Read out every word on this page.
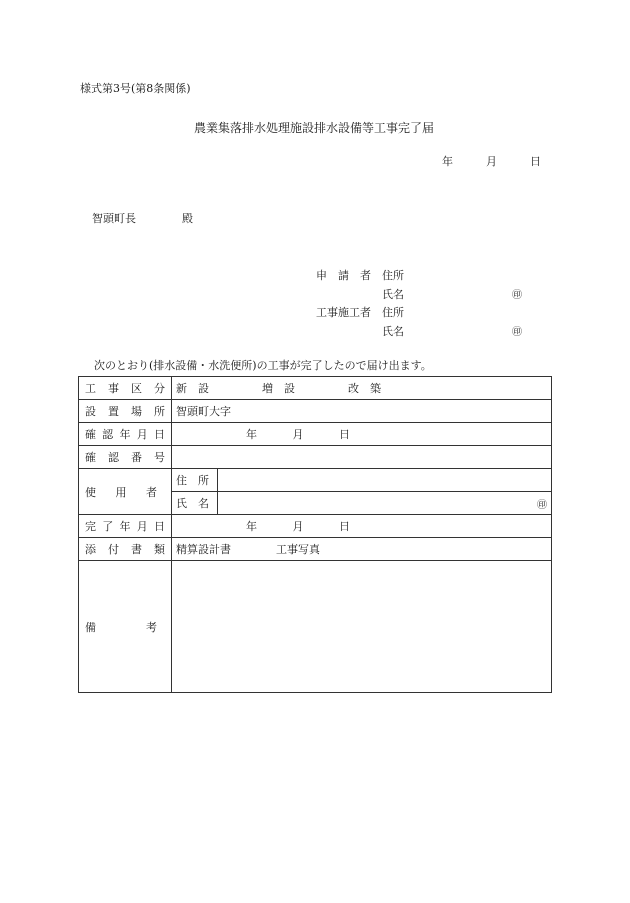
様式第3号(第8条関係)
農業集落排水処理施設排水設備等工事完了届
年	月	日
智頭町長	殿
申　請　者 住所
氏名	㊞
工事施工者 住所
氏名	㊞
次のとおり(排水設備・水洗便所)の工事が完了したので届け出ます。
工 事 区 分	新　設 増　設 改　築	

設 置 場 所	智頭町大字	

確 認 年 月 日	年 月 日	

確 認 番 号		

使 用 者	住　所	
	氏　名	㊞

完 了 年 月 日	年 月 日	

添 付 書 類	精算設計書 工事写真	

備 考		
